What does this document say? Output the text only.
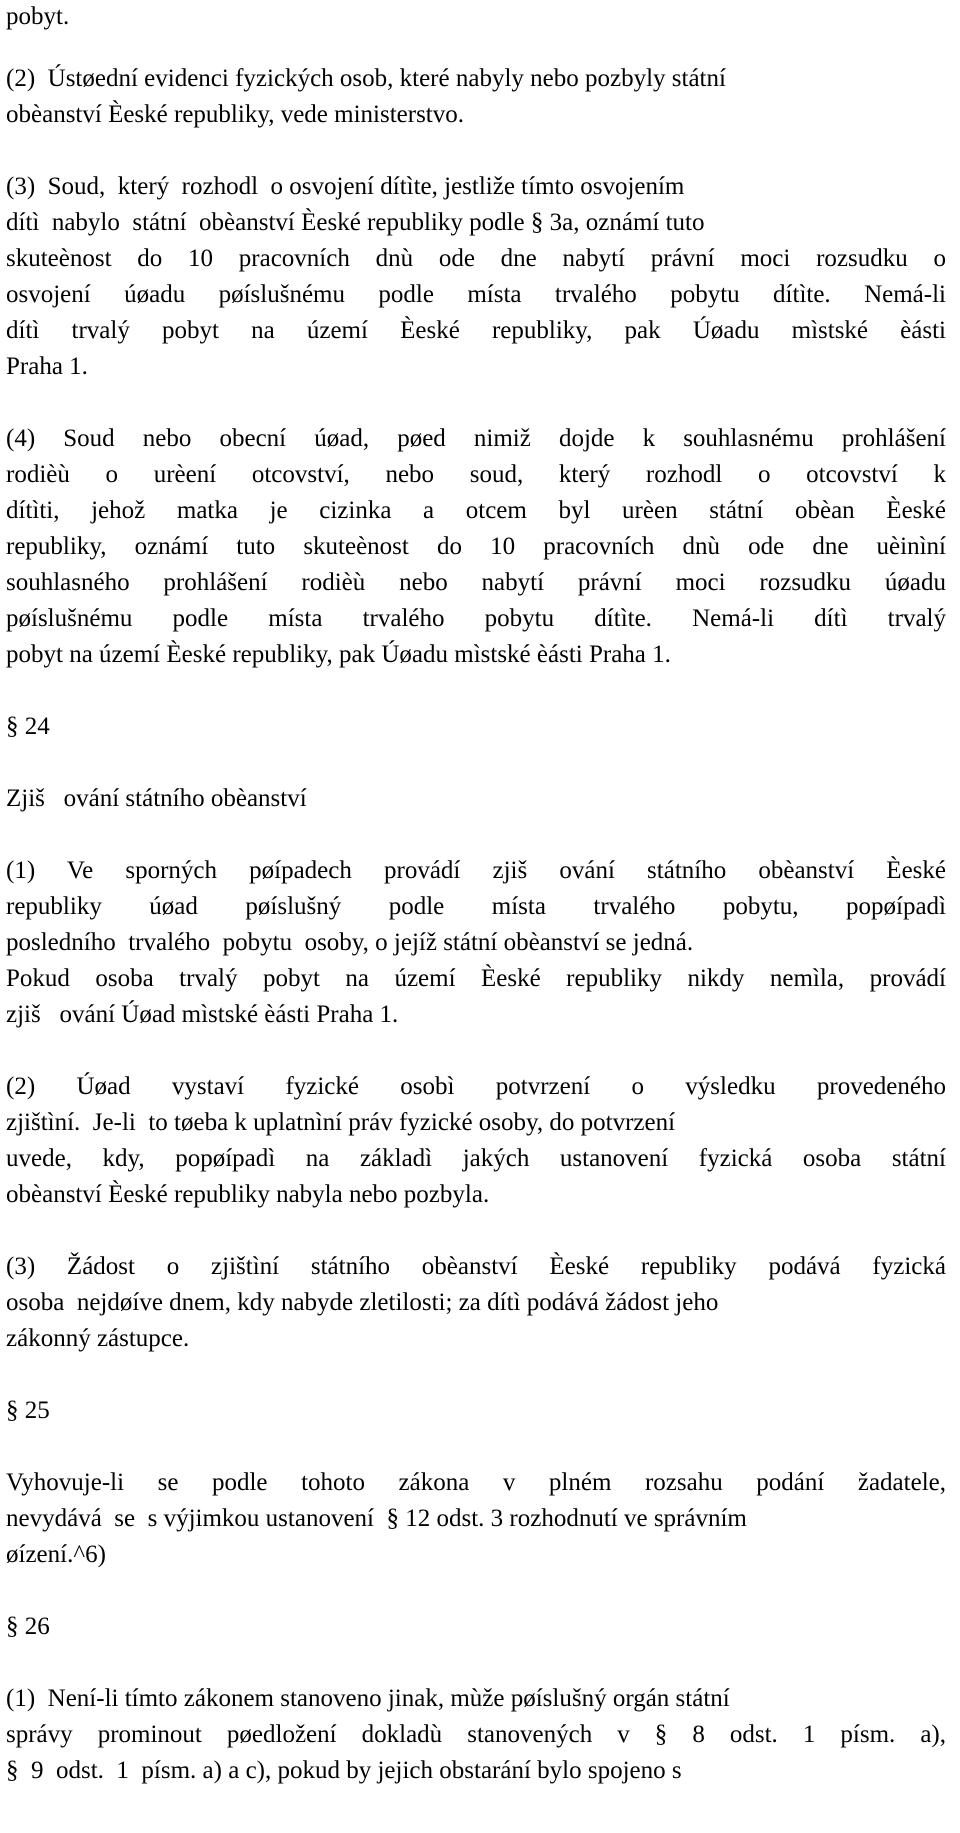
pobyt.
(2)  Ústøední evidenci fyzických osob, které nabyly nebo pozbyly státní
obèanství Èeské republiky, vede ministerstvo.
(3)  Soud,  který  rozhodl  o osvojení dítìte, jestliže tímto osvojením
dítì  nabylo  státní  obèanství Èeské republiky podle § 3a, oznámí tuto
skuteènost do 10 pracovních dnù ode dne nabytí právní moci rozsudku o
osvojení úøadu pøíslušnému podle místa trvalého pobytu dítìte. Nemá-li
dítì trvalý pobyt na území Èeské republiky, pak Úøadu mìstské èásti
Praha 1.
(4) Soud nebo obecní úøad, pøed nimiž dojde k souhlasnému prohlášení
rodièù o urèení otcovství, nebo soud, který rozhodl o otcovství k
dítìti, jehož matka je cizinka a otcem byl urèen státní obèan Èeské
republiky, oznámí tuto skuteènost do 10 pracovních dnù ode dne uèinìní
souhlasného prohlášení rodièù nebo nabytí právní moci rozsudku úøadu
pøíslušnému podle místa trvalého pobytu dítìte. Nemá-li dítì trvalý
pobyt na území Èeské republiky, pak Úøadu mìstské èásti Praha 1.
§ 24
Zjiš   ování státního obèanství
(1) Ve sporných pøípadech provádí zjiš ování státního obèanství Èeské
republiky úøad pøíslušný podle místa trvalého pobytu, popøípadì
posledního  trvalého  pobytu  osoby, o jejíž státní obèanství se jedná.
Pokud osoba trvalý pobyt na území Èeské republiky nikdy nemìla, provádí
zjiš   ování Úøad mìstské èásti Praha 1.
(2) Úøad vystaví fyzické osobì potvrzení o výsledku provedeného
zjištìní.  Je-li  to tøeba k uplatnìní práv fyzické osoby, do potvrzení
uvede, kdy, popøípadì na základì jakých ustanovení fyzická osoba státní
obèanství Èeské republiky nabyla nebo pozbyla.
(3) Žádost o zjištìní státního obèanství Èeské republiky podává fyzická
osoba  nejdøíve dnem, kdy nabyde zletilosti; za dítì podává žádost jeho
zákonný zástupce.
§ 25
Vyhovuje-li se podle tohoto zákona v plném rozsahu podání žadatele,
nevydává  se  s výjimkou ustanovení  § 12 odst. 3 rozhodnutí ve správním
øízení.^6)
§ 26
(1)  Není-li tímto zákonem stanoveno jinak, mùže pøíslušný orgán státní
správy prominout pøedložení dokladù stanovených v § 8 odst. 1 písm. a),
§  9  odst.  1  písm. a) a c), pokud by jejich obstarání bylo spojeno s
